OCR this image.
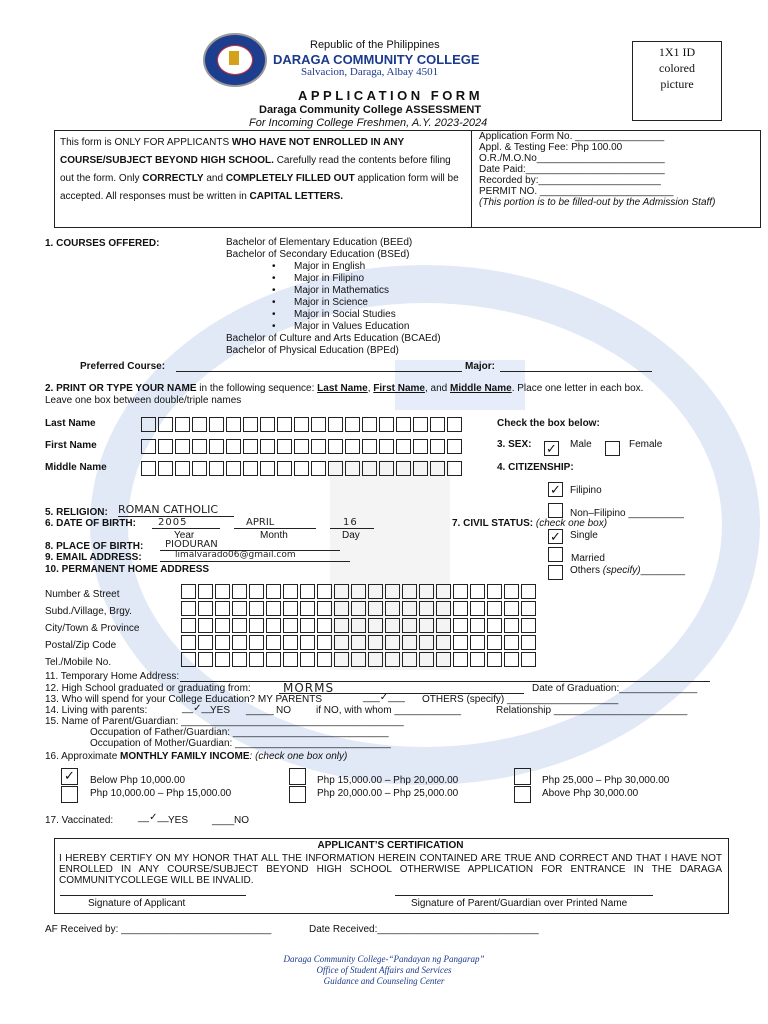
Republic of the Philippines
DARAGA COMMUNITY COLLEGE
Salvacion, Daraga, Albay 4501
1X1 ID
colored
picture
APPLICATION FORM
Daraga Community College ASSESSMENT
For Incoming College Freshmen, A.Y. 2023-2024
This form is ONLY FOR APPLICANTS WHO HAVE NOT ENROLLED IN ANY COURSE/SUBJECT BEYOND HIGH SCHOOL. Carefully read the contents before filing out the form. Only CORRECTLY and COMPLETELY FILLED OUT application form will be accepted. All responses must be written in CAPITAL LETTERS.
Application Form No. ________________
Appl. & Testing Fee: Php 100.00
O.R./M.O.No_______________________
Date Paid:_________________________
Recorded by:______________________
PERMIT NO. ________________________
(This portion is to be filled-out by the Admission Staff)
1. COURSES OFFERED:	Bachelor of Elementary Education (BEEd)
Bachelor of Secondary Education (BSEd)
• Major in English
• Major in Filipino
• Major in Mathematics
• Major in Science
• Major in Social Studies
• Major in Values Education
Bachelor of Culture and Arts Education (BCAEd)
Bachelor of Physical Education (BPEd)
Preferred Course:	Major:
2. PRINT OR TYPE YOUR NAME in the following sequence: Last Name, First Name, and Middle Name. Place one letter in each box.
Leave one box between double/triple names
Last Name
First Name
Middle Name
Check the box below:
3. SEX: ✓ Male	Female
4. CITIZENSHIP:
✓ Filipino
Non–Filipino __________
7. CIVIL STATUS: (check one box)
✓ Single
Married
Others (specify)________
5. RELIGION: ROMAN CATHOLIC
6. DATE OF BIRTH: 2005	APRIL	16
Year	Month	Day
8. PLACE OF BIRTH: PIODURAN
9. EMAIL ADDRESS:	limalvarado06@gmail.com
10. PERMANENT HOME ADDRESS
Number & Street
Subd./Village, Brgy.
City/Town & Province
Postal/Zip Code
Tel./Mobile No.
11. Temporary Home Address:
12. High School graduated or graduating from:	MORMS	Date of Graduation:______________
13. Who will spend for your College Education? MY PARENTS	___✓___ OTHERS (specify) ____________________
14. Living with parents:	__✓__
YES _____ NO	if NO, with whom ____________	Relationship ________________________
15. Name of Parent/Guardian: ________________________________________
Occupation of Father/Guardian: ____________________________
Occupation of Mother/Guardian: ____________________________
16. Approximate MONTHLY FAMILY INCOME: (check one box only)
✓	Below Php 10,000.00
Php 10,000.00 – Php 15,000.00
Php 15,000.00 – Php 20,000.00
Php 20,000.00 – Php 25,000.00
Php 25,000 – Php 30,000.00
Above Php 30,000.00
17. Vaccinated: __✓__ YES ____ NO
APPLICANT’S CERTIFICATION
I HEREBY CERTIFY ON MY HONOR THAT ALL THE INFORMATION HEREIN CONTAINED ARE TRUE AND CORRECT AND THAT I HAVE NOT ENROLLED IN ANY COURSE/SUBJECT BEYOND HIGH SCHOOL OTHERWISE APPLICATION FOR ENTRANCE IN THE DARAGA COMMUNITYCOLLEGE WILL BE INVALID.
Signature of Applicant	Signature of Parent/Guardian over Printed Name
AF Received by: ___________________________	Date Received:_____________________________
Daraga Community College-“Pandayan ng Pangarap”
Office of Student Affairs and Services
Guidance and Counseling Center
